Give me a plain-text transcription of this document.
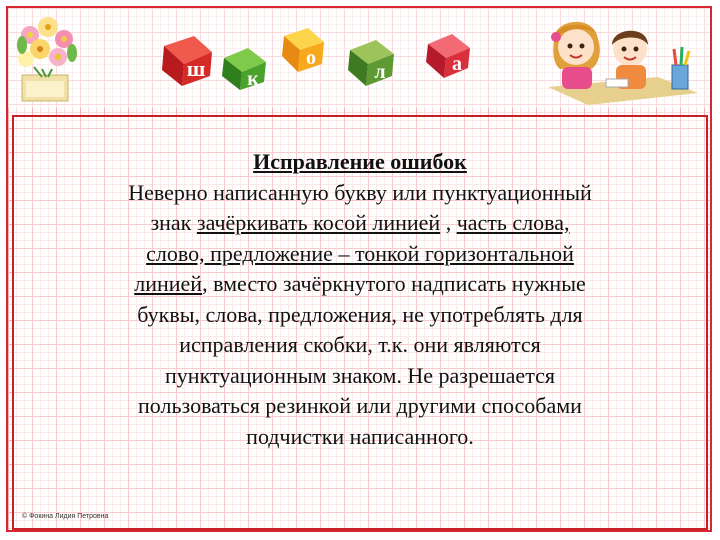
ш к
о
л	а
Исправление ошибок
Неверно написанную букву или пунктуационный
знак зачёркивать косой линией , часть слова,
слово, предложение – тонкой горизонтальной
линией, вместо зачёркнутого надписать нужные
буквы, слова, предложения, не употреблять для
исправления скобки, т.к. они являются
пунктуационным знаком. Не разрешается
пользоваться резинкой или другими способами
подчистки написанного.
© Фокина Лидия Петровна
